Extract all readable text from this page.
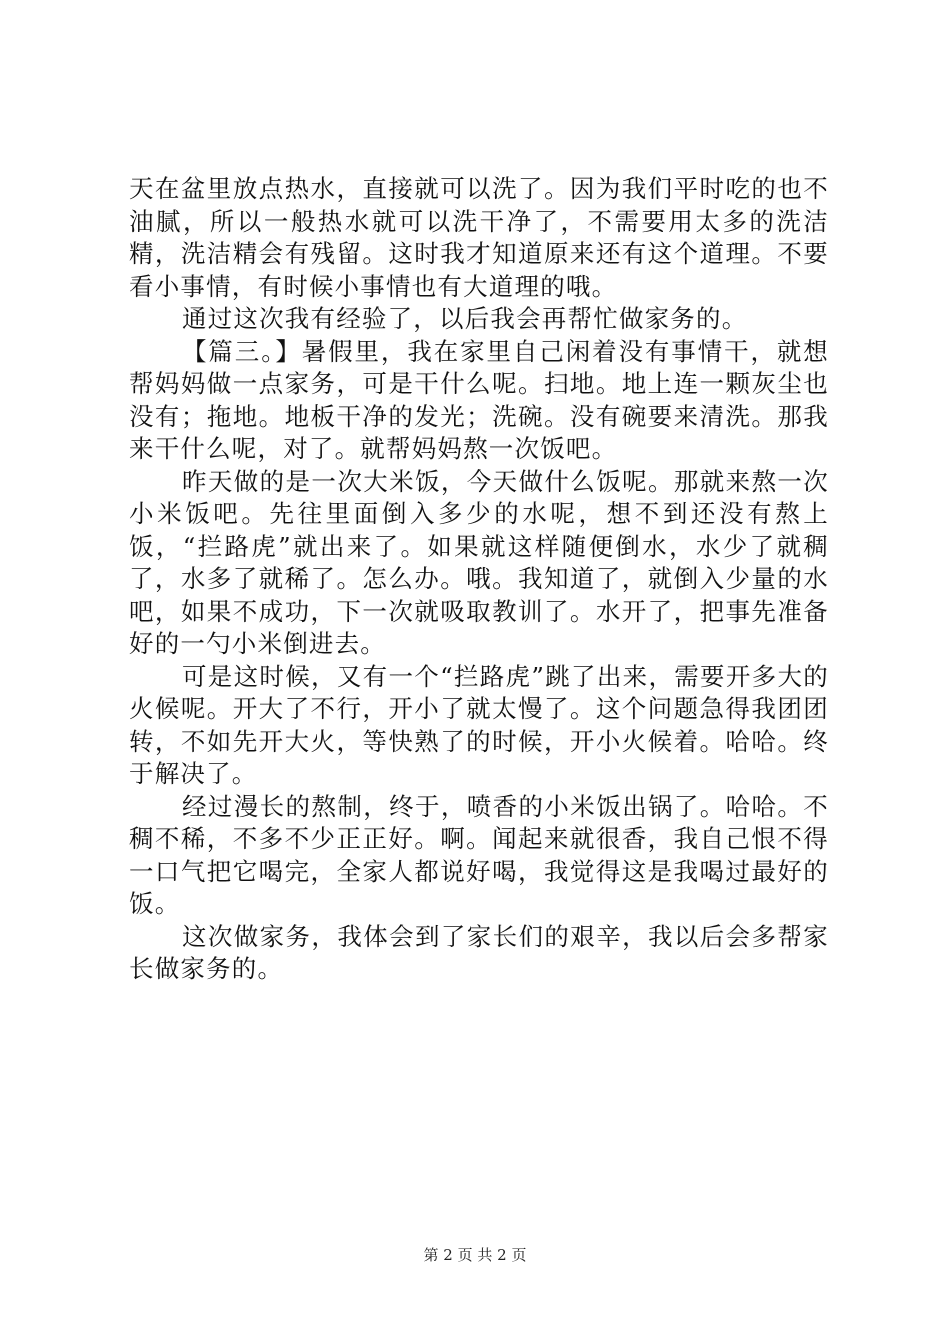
天在盆里放点热水，直接就可以洗了。因为我们平时吃的也不油腻，所以一般热水就可以洗干净了，不需要用太多的洗洁精，洗洁精会有残留。这时我才知道原来还有这个道理。不要看小事情，有时候小事情也有大道理的哦。

通过这次我有经验了，以后我会再帮忙做家务的。

【篇三。】暑假里，我在家里自己闲着没有事情干，就想帮妈妈做一点家务，可是干什么呢。扫地。地上连一颗灰尘也没有；拖地。地板干净的发光；洗碗。没有碗要来清洗。那我来干什么呢，对了。就帮妈妈熬一次饭吧。

昨天做的是一次大米饭，今天做什么饭呢。那就来熬一次小米饭吧。先往里面倒入多少的水呢，想不到还没有熬上饭，“拦路虎”就出来了。如果就这样随便倒水，水少了就稠了，水多了就稀了。怎么办。哦。我知道了，就倒入少量的水吧，如果不成功，下一次就吸取教训了。水开了，把事先准备好的一勺小米倒进去。

可是这时候，又有一个“拦路虎”跳了出来，需要开多大的火候呢。开大了不行，开小了就太慢了。这个问题急得我团团转，不如先开大火，等快熟了的时候，开小火候着。哈哈。终于解决了。

经过漫长的熬制，终于，喷香的小米饭出锅了。哈哈。不稠不稀，不多不少正正好。啊。闻起来就很香，我自己恨不得一口气把它喝完，全家人都说好喝，我觉得这是我喝过最好的饭。

这次做家务，我体会到了家长们的艰辛，我以后会多帮家长做家务的。

第 2 页 共 2 页
